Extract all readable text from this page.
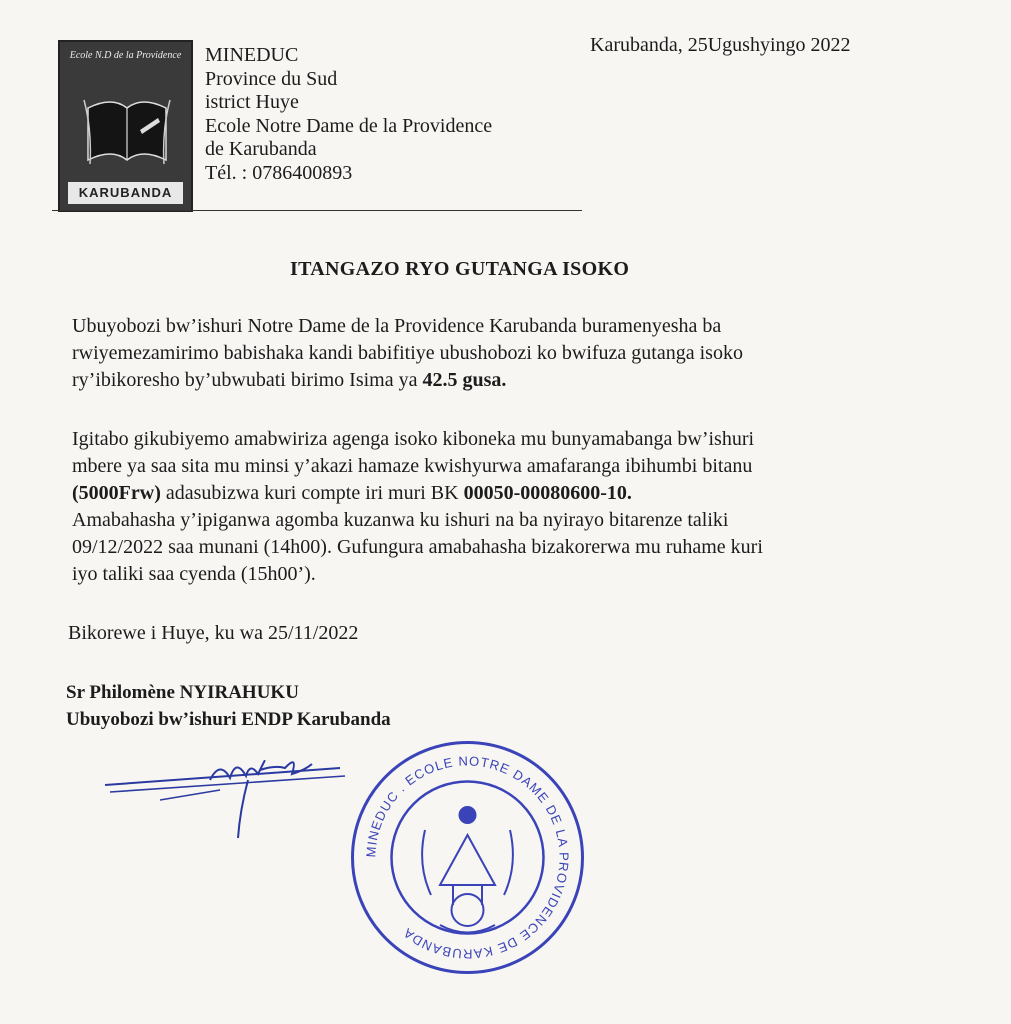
Ecole N.D de la Providence
KARUBANDA
MINEDUC
Province du Sud
istrict Huye
Ecole Notre Dame de la Providence
de Karubanda
Tél. : 0786400893
Karubanda, 25Ugushyingo 2022
ITANGAZO RYO GUTANGA ISOKO
Ubuyobozi bw’ishuri Notre Dame de la Providence Karubanda buramenyesha ba
rwiyemezamirimo babishaka kandi babifitiye ubushobozi ko bwifuza gutanga isoko
ry’ibikoresho by’ubwubati birimo Isima ya 42.5 gusa.
Igitabo gikubiyemo amabwiriza agenga isoko kiboneka mu bunyamabanga bw’ishuri
mbere ya saa sita mu minsi y’akazi hamaze kwishyurwa amafaranga ibihumbi bitanu
(5000Frw) adasubizwa kuri compte iri muri BK 00050-00080600-10.
Amabahasha y’ipiganwa agomba kuzanwa ku ishuri na ba nyirayo bitarenze taliki
09/12/2022 saa munani (14h00). Gufungura amabahasha bizakorerwa mu ruhame kuri
iyo taliki saa cyenda (15h00’).
Bikorewe i Huye, ku wa 25/11/2022
Sr Philomène NYIRAHUKU
Ubuyobozi bw’ishuri ENDP Karubanda
MINEDUC . ECOLE NOTRE DAME DE LA PROVIDENCE DE KARUBANDA
